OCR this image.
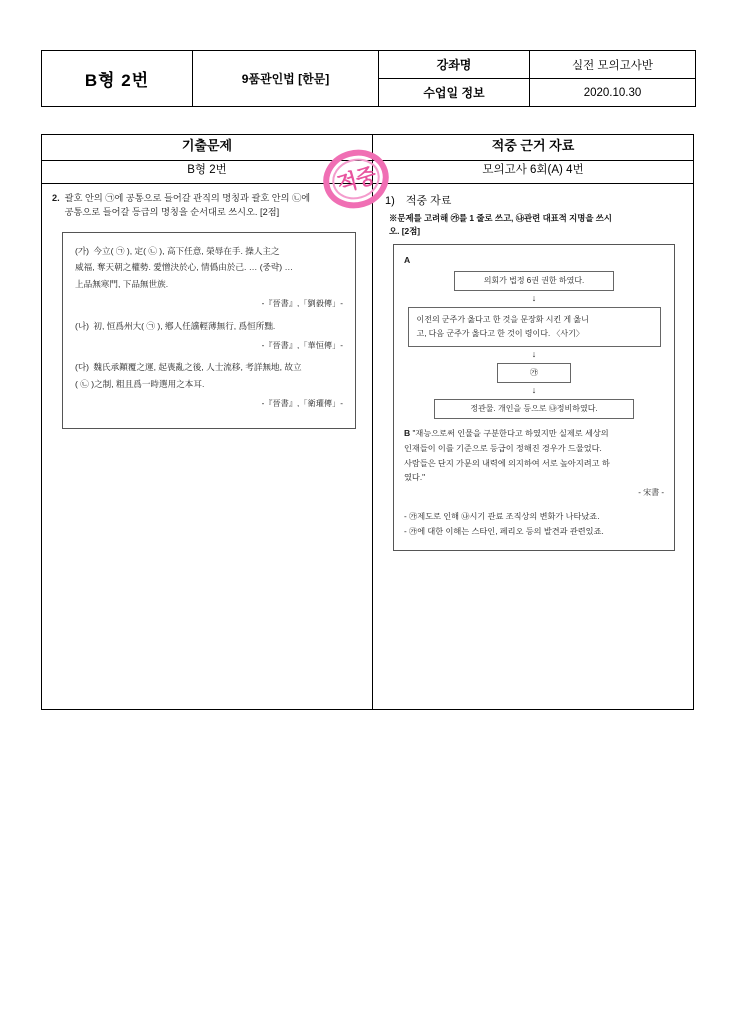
B형 2번	9품관인법 [한문]	강좌명	실전 모의고사반
		수업일 정보	2020.10.30
기출문제	적중 근거 자료
B형 2번	모의고사 6회(A) 4번

2. 괄호 안의 ㉠에 공통으로 들어갈 관직의 명칭과 괄호 안의 ㉡에
공통으로 들어갈 등급의 명칭을 순서대로 쓰시오. [2점]
(가) 今立( ㉠ ), 定( ㉡ ), 高下任意, 榮辱在手. 操人主之
威福, 奪天朝之權勢. 愛憎決於心, 情僞由於己. … (중략) …
上品無寒門, 下品無世族.
-『晉書』,「劉毅傳」-
(나) 初, 恒爲州大( ㉠ ), 鄕人任讜輕薄無行, 爲恒所黜.
-『晉書』,「華恒傳」-
(다) 魏氏承顚覆之運, 起喪亂之後, 人士流移, 考詳無地, 故立
( ㉡ )之制, 粗且爲一時選用之本耳.
-『晉書』,「衛瓘傳」-

1) 적중 자료
※문제를 고려해 ㉮를 1 줄로 쓰고, ㉯관련 대표적 지명을 쓰시
오. [2점]
A
의회가 법정 6권 권한 하였다.
↓
이전의 군주가 옳다고 한 것을 문장화 시킨 게 옳니
고, 다음 군주가 옳다고 한 것이 령이다. 〈사기〉
↓
㉮
↓
정관물. 개인을 등으로 ㉯정비하였다.
B "재능으로써 인물을 구분한다고 하였지만 실제로 세상의
인재들이 이를 기준으로 등급이 정해진 경우가 드물었다.
사람들은 단지 가문의 내력에 의지하여 서로 높아지려고 하
였다."
- 宋書 -
- ㉮제도로 인해 ㉯시기 관료 조직상의 변화가 나타났죠.
- ㉮에 대한 이해는 스타인, 페리오 등의 발견과 관련있죠.
적중
